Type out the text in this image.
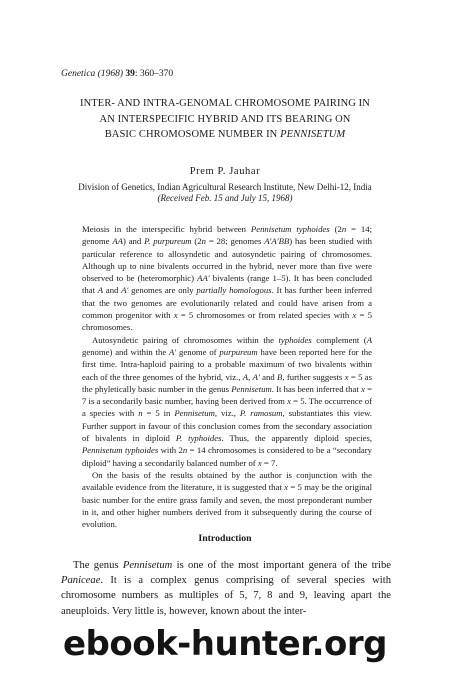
Genetica (1968) 39: 360–370
INTER- AND INTRA-GENOMAL CHROMOSOME PAIRING IN
AN INTERSPECIFIC HYBRID AND ITS BEARING ON
BASIC CHROMOSOME NUMBER IN PENNISETUM
Prem P. Jauhar
Division of Genetics, Indian Agricultural Research Institute, New Delhi-12, India
(Received Feb. 15 and July 15, 1968)

Meiosis in the interspecific hybrid between Pennisetum typhoides (2n = 14; genome AA) and P. purpureum (2n = 28; genomes A′A′BB) has been studied with particular reference to allosyndetic and autosyndetic pairing of chromosomes. Although up to nine bivalents occurred in the hybrid, never more than five were observed to be (heteromorphic) AA′ bivalents (range 1–5). It has been concluded that A and A′ genomes are only partially homologous. It has further been inferred that the two genomes are evolutionarily related and could have arisen from a common progenitor with x = 5 chromosomes or from related species with x = 5 chromosomes.

Autosyndetic pairing of chromosomes within the typhoides complement (A genome) and within the A′ genome of purpureum have been reported here for the first time. Intra-haploid pairing to a probable maximum of two bivalents within each of the three genomes of the hybrid, viz., A, A′ and B, further suggests x = 5 as the phyletically basic number in the genus Pennisetum. It has been inferred that x = 7 is a secondarily basic number, having been derived from x = 5. The occurrence of a species with n = 5 in Pennisetum, viz., P. ramosum, substantiates this view. Further support in favour of this conclusion comes from the secondary association of bivalents in diploid P. typhoides. Thus, the apparently diploid species, Pennisetum typhoides with 2n = 14 chromosomes is considered to be a “secondary diploid” having a secondarily balanced number of x = 7.

On the basis of the results obtained by the author is conjunction with the available evidence from the literature, it is suggested that x = 5 may be the original basic number for the entire grass family and seven, the most preponderant number in it, and other higher numbers derived from it subsequently during the course of evolution.

Introduction

The genus Pennisetum is one of the most important genera of the tribe Paniceae. It is a complex genus comprising of several species with chromosome numbers as multiples of 5, 7, 8 and 9, leaving apart the aneuploids. Very little is, however, known about the inter-

ebook-hunter.org
